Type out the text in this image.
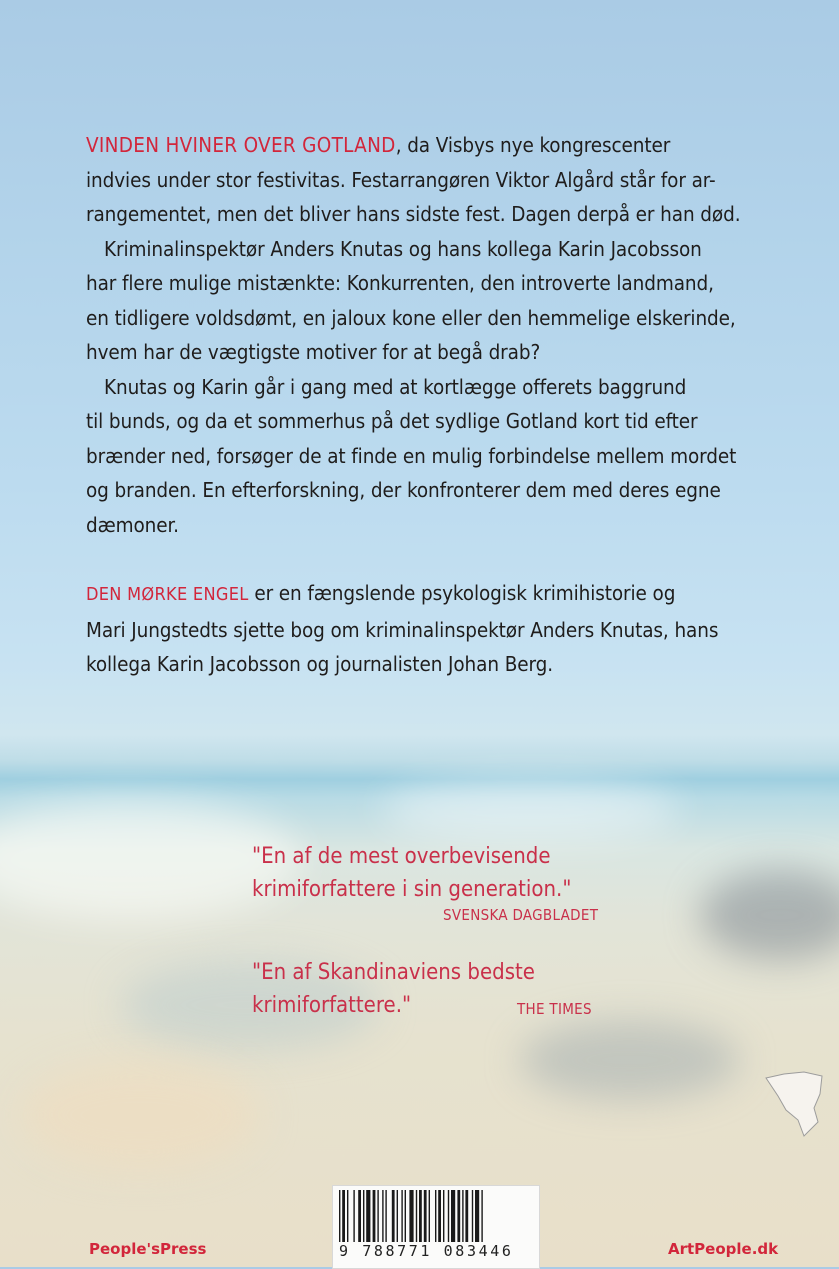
VINDEN HVINER OVER GOTLAND, da Visbys nye kongrescenter
indvies under stor festivitas. Festarrangøren Viktor Algård står for ar-
rangementet, men det bliver hans sidste fest. Dagen derpå er han død.

Kriminalinspektør Anders Knutas og hans kollega Karin Jacobsson
har flere mulige mistænkte: Konkurrenten, den introverte landmand,
en tidligere voldsdømt, en jaloux kone eller den hemmelige elskerinde,
hvem har de vægtigste motiver for at begå drab?

Knutas og Karin går i gang med at kortlægge offerets baggrund
til bunds, og da et sommerhus på det sydlige Gotland kort tid efter
brænder ned, forsøger de at finde en mulig forbindelse mellem mordet
og branden. En efterforskning, der konfronterer dem med deres egne
dæmoner.

DEN MØRKE ENGEL er en fængslende psykologisk krimihistorie og
Mari Jungstedts sjette bog om kriminalinspektør Anders Knutas, hans
kollega Karin Jacobsson og journalisten Johan Berg.

"En af de mest overbevisende
krimiforfattere i sin generation."
SVENSKA DAGBLADET
"En af Skandinaviens bedste
krimiforfattere."	THE TIMES
9 788771 083446
People'sPress	ArtPeople.dk
